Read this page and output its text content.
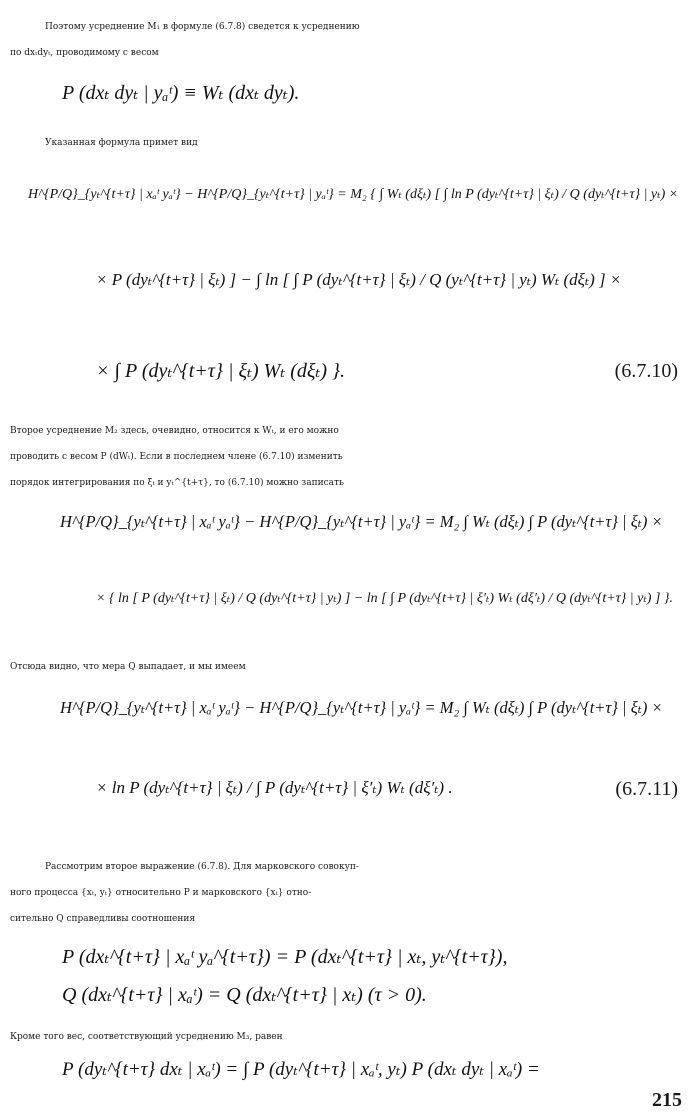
Поэтому усреднение M₁ в формуле (6.7.8) сведется к усреднению
по dxₜdyₜ, проводимому с весом
P (dxₜ dyₜ | yₐᵗ) ≡ Wₜ (dxₜ dyₜ).
Указанная формула примет вид
H^{P/Q}_{yₜ^{t+τ} | xₐᵗ yₐᵗ} − H^{P/Q}_{yₜ^{t+τ} | yₐᵗ} = M₂ { ∫ Wₜ (dξₜ) [ ∫ ln P (dyₜ^{t+τ} | ξₜ) / Q (dyₜ^{t+τ} | yₜ) ×
× P (dyₜ^{t+τ} | ξₜ) ] − ∫ ln [ ∫ P (dyₜ^{t+τ} | ξₜ) / Q (yₜ^{t+τ} | yₜ) Wₜ (dξₜ) ] ×
× ∫ P (dyₜ^{t+τ} | ξₜ) Wₜ (dξₜ) }.	(6.7.10)
Второе усреднение M₂ здесь, очевидно, относится к Wₜ, и его можно
проводить с весом P (dWₜ). Если в последнем члене (6.7.10) изменить
порядок интегрирования по ξₜ и yₜ^{t+τ}, то (6.7.10) можно записать
H^{P/Q}_{yₜ^{t+τ} | xₐᵗ yₐᵗ} − H^{P/Q}_{yₜ^{t+τ} | yₐᵗ} = M₂ ∫ Wₜ (dξₜ) ∫ P (dyₜ^{t+τ} | ξₜ) ×
× { ln [ P (dyₜ^{t+τ} | ξₜ) / Q (dyₜ^{t+τ} | yₜ) ] − ln [ ∫ P (dyₜ^{t+τ} | ξ′ₜ) Wₜ (dξ′ₜ) / Q (dyₜ^{t+τ} | yₜ) ] }.
Отсюда видно, что мера Q выпадает, и мы имеем
H^{P/Q}_{yₜ^{t+τ} | xₐᵗ yₐᵗ} − H^{P/Q}_{yₜ^{t+τ} | yₐᵗ} = M₂ ∫ Wₜ (dξₜ) ∫ P (dyₜ^{t+τ} | ξₜ) ×
× ln P (dyₜ^{t+τ} | ξₜ) / ∫ P (dyₜ^{t+τ} | ξ′ₜ) Wₜ (dξ′ₜ) .	(6.7.11)
Рассмотрим второе выражение (6.7.8). Для марковского совокуп-
ного процесса {xₜ, yₜ} относительно P и марковского {xₜ} отно-
сительно Q справедливы соотношения
P (dxₜ^{t+τ} | xₐᵗ yₐ^{t+τ}) = P (dxₜ^{t+τ} | xₜ, yₜ^{t+τ}),
Q (dxₜ^{t+τ} | xₐᵗ) = Q (dxₜ^{t+τ} | xₜ) (τ > 0).
Кроме того вес, соответствующий усреднению M₃, равен
P (dyₜ^{t+τ} dxₜ | xₐᵗ) = ∫ P (dyₜ^{t+τ} | xₐᵗ, yₜ) P (dxₜ dyₜ | xₐᵗ) =
215
